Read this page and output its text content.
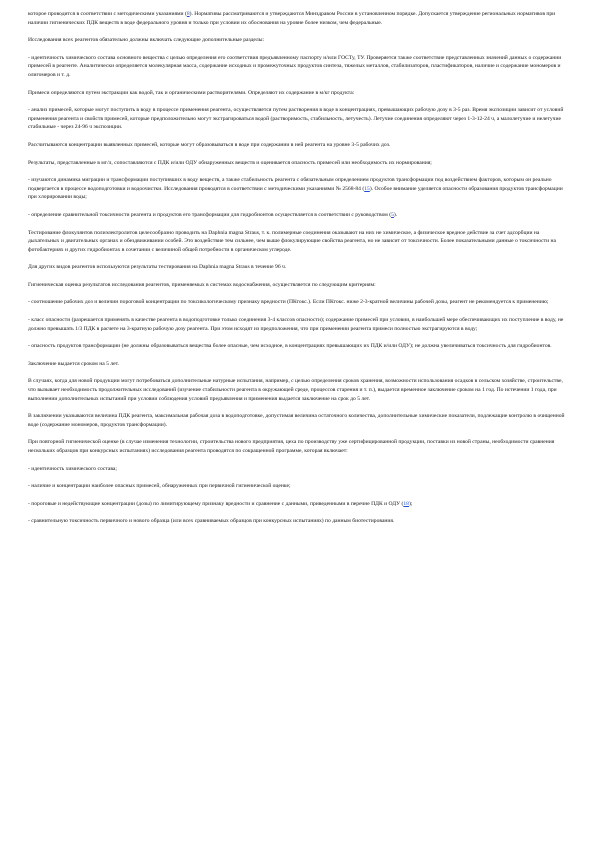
которое проводится в соответствии с методическими указаниями (8). Нормативы рассматриваются и утверждаются Минздравом России в установленном порядке. Допускается утверждение региональных нормативов при наличии гигиенических ПДК веществ в воде федерального уровня и только при условии их обоснования на уровне более низком, чем федеральные.

Исследования всех реагентов обязательно должны включать следующие дополнительные разделы:

- идентичность химического состава основного вещества с целью определения его соответствия предъявленному паспорту и/или ГОСТу, ТУ. Проверяется также соответствие представленных значений данных о содержании примесей в реагенте. Аналитически определяется молекулярная масса, содержание исходных и промежуточных продуктов синтеза, тяжелых металлов, стабилизаторов, пластификаторов, наличие и содержание мономеров и олигомеров и т. д.

Примеси определяются путем экстракции как водой, так и органическими растворителями. Определяют их содержание в м/кг продукта:

- анализ примесей, которые могут поступить в воду в процессе применения реагента, осуществляется путем растворения в воде в концентрациях, превышающих рабочую дозу в 3-5 раз. Время экспозиции зависит от условий применения реагента и свойств примесей, которые предположительно могут экстрагироваться водой (растворимость, стабильность, летучесть). Летучие соединения определяют через 1-3-12-24 ч, а малолетучие и нелетучие стабильные - через 24-96 ч экспозиции.

Рассчитываются концентрации выявленных примесей, которые могут образовываться в воде при содержании в ней реагента на уровне 3-5 рабочих доз.

Результаты, представленные в мг/л, сопоставляются с ПДК и/или ОДУ обнаруженных веществ и оценивается опасность примесей или необходимость их нормирования;

- изучаются динамика миграции и трансформации поступивших в воду веществ, а также стабильность реагента с обязательным определением продуктов трансформации под воздействием факторов, которым он реально подвергается в процессе водоподготовки и водоочистки. Исследования проводятся в соответствии с методическими указаниями № 2568-84 (15). Особое внимание уделяется опасности образования продуктов трансформации при хлорировании воды;

- определение сравнительной токсичности реагента и продуктов его трансформации для гидробионтов осуществляется в соответствии с руководством (5).

Тестирование флокулянтов полиэлектролитов целесообразно проводить на Daphnia magna Straus, т. к. полимерные соединения оказывают на них не химическое, а физическое вредное действие за счет адсорбции на дыхательных и двигательных органах и обездвиживании особей. Это воздействие тем сильнее, чем выше флокулирующие свойства реагента, но не зависит от токсичности. Более показательными данные о токсичности на фотобактериях и других гидробионтах в сочетании с величиной общей потребности в органическом углероде.

Для других видов реагентов используются результаты тестирования на Daphnia magna Straus в течение 96 ч.

Гигиеническая оценка результатов исследования реагентов, применяемых в системах водоснабжения, осуществляется по следующим критериям:

- соотношение рабочих доз и величин пороговой концентрации по токсикологическому признаку вредности (ПКтокс.). Если ПКтокс. ниже 2-3-кратной величины рабочей дозы, реагент не рекомендуется к применению;

- класс опасности (разрешается применять в качестве реагента в водоподготовке только соединения 3-4 классов опасности); содержание примесей при условии, в наибольшей мере обеспечивающих их поступление в воду, не должно превышать 1/3 ПДК в расчете на 3-кратную рабочую дозу реагента. При этом исходят из предположения, что при применении реагента примеси полностью экстрагируются в воду;

- опасность продуктов трансформации (не должны образовываться вещества более опасные, чем исходное, в концентрациях превышающих их ПДК и/или ОДУ); не должна увеличиваться токсичность для гидробионтов.

Заключение выдается сроком на 5 лет.

В случаях, когда для новой продукции могут потребоваться дополнительные натурные испытания, например, с целью определения сроков хранения, возможности использования осадков в сельском хозяйстве, строительстве, что вызывает необходимость продолжительных исследований (изучение стабильности реагента в окружающей среде, процессов старения и т. п.), выдается временное заключение сроком на 1 год. По истечении 1 года, при выполнении дополнительных испытаний при условии соблюдения условий предъявления и применения выдается заключение на срок до 5 лет.

В заключении указываются величина ПДК реагента, максимальная рабочая доза в водоподготовке, допустимая величина остаточного количества, дополнительные химические показатели, подлежащие контролю в очищенной воде (содержание мономеров, продуктов трансформации).

При повторной гигиенической оценке (в случае изменения технологии, строительства нового предприятия, цеха по производству уже сертифицированной продукции, поставки из новой страны, необходимости сравнения нескольких образцов при конкурсных испытаниях) исследования реагента проводятся по сокращенной программе, которая включает:

- идентичность химического состава;

- наличие и концентрации наиболее опасных примесей, обнаруженных при первичной гигиенической оценке;

- пороговые и недействующие концентрации (дозы) по лимитирующему признаку вредности и сравнение с данными, приведенными в перечне ПДК и ОДУ (18);

- сравнительную токсичность первичного и нового образца (или всех сравниваемых образцов при конкурсных испытаниях) по данным биотестирования.
